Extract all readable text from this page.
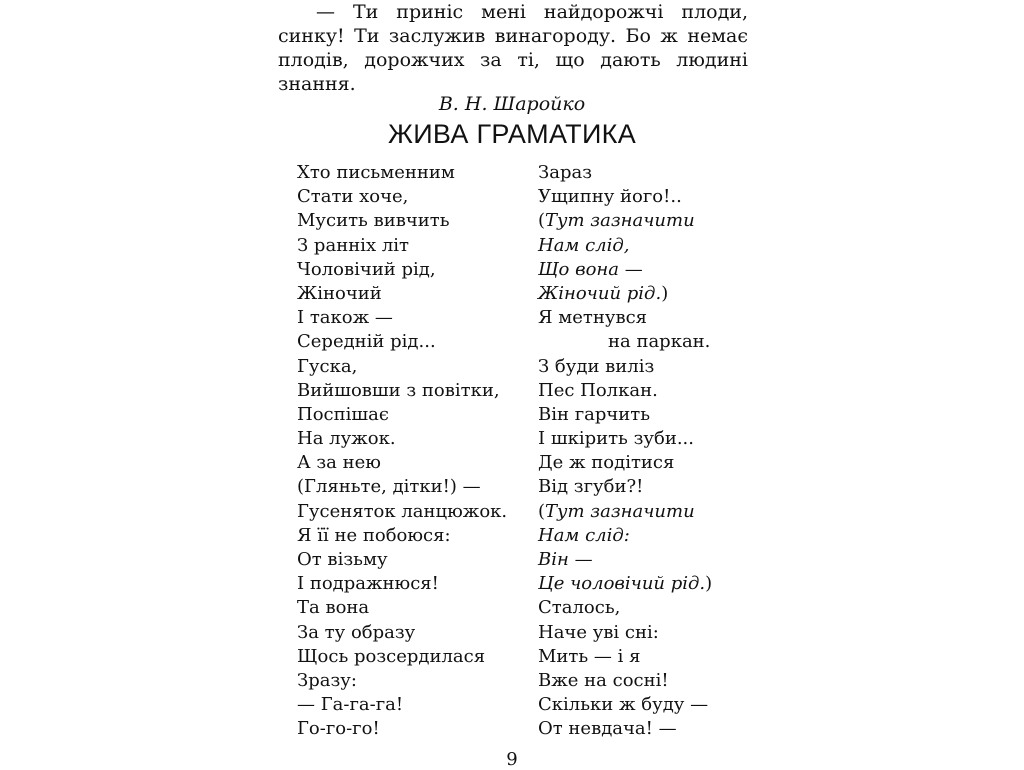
— Ти приніс мені найдорожчі плоди, синку! Ти заслужив винагороду. Бо ж немає плодів, дорожчих за ті, що дають людині знання.

В. Н. Шаройко
ЖИВА ГРАМАТИКА
Хто письменним
Стати хоче,
Мусить вивчить
З ранніх літ
Чоловічий рід,
Жіночий
І також —
Середній рід...
Гуска,
Вийшовши з повітки,
Поспішає
На лужок.
А за нею
(Гляньте, дітки!) —
Гусеняток ланцюжок.
Я її не побоюся:
От візьму
І подражнюся!
Та вона
За ту образу
Щось розсердилася
Зразу:
— Га-га-га!
Го-го-го!
Зараз
Ущипну його!..
(Тут зазначити
Нам слід,
Що вона —
Жіночий рід.)
Я метнувся
на паркан.
З буди виліз
Пес Полкан.
Він гарчить
І шкірить зуби...
Де ж подітися
Від згуби?!
(Тут зазначити
Нам слід:
Він —
Це чоловічий рід.)
Сталось,
Наче уві сні:
Мить — і я
Вже на сосні!
Скільки ж буду —
От невдача! —
9
